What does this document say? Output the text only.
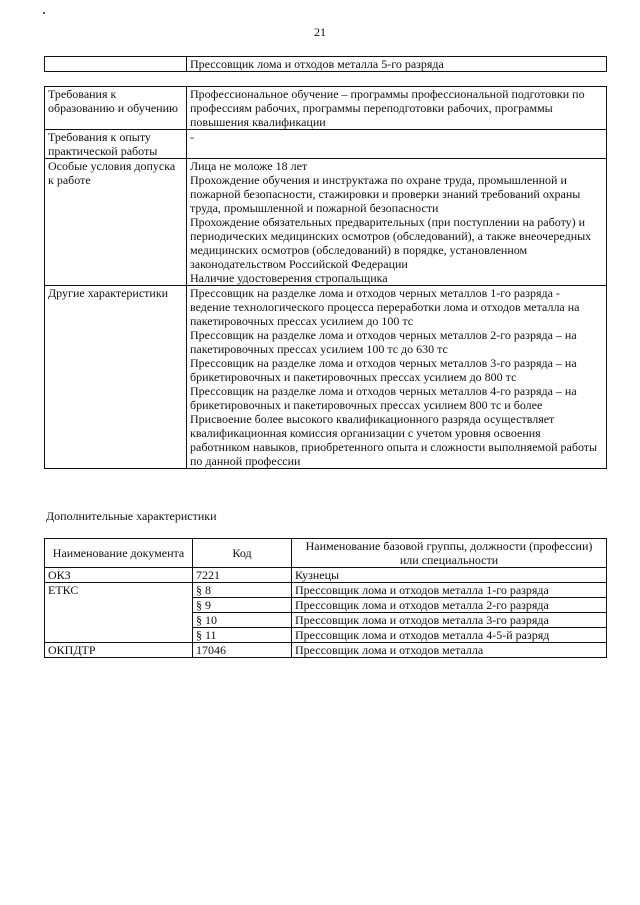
21
	Прессовщик лома и отходов металла 5-го разряда
Требования к образованию и обучению	Профессиональное обучение – программы профессиональной подготовки по профессиям рабочих, программы переподготовки рабочих, программы повышения квалификации

Требования к опыту практической работы	-

Особые условия допуска к работе	Лица не моложе 18 лет

Прохождение обучения и инструктажа по охране труда, промышленной и пожарной безопасности, стажировки и проверки знаний требований охраны труда, промышленной и пожарной безопасности

Прохождение обязательных предварительных (при поступлении на работу) и периодических медицинских осмотров (обследований), а также внеочередных медицинских осмотров (обследований) в порядке, установленном законодательством Российской Федерации

Наличие удостоверения стропальщика

Другие характеристики	Прессовщик на разделке лома и отходов черных металлов 1-го разряда - ведение технологического процесса переработки лома и отходов металла на пакетировочных прессах усилием до 100 тс

Прессовщик на разделке лома и отходов черных металлов 2-го разряда – на пакетировочных прессах усилием 100 тс до 630 тс

Прессовщик на разделке лома и отходов черных металлов 3-го разряда – на брикетировочных и пакетировочных прессах усилием до 800 тс

Прессовщик на разделке лома и отходов черных металлов 4-го разряда – на брикетировочных и пакетировочных прессах усилием 800 тс и более

Присвоение более высокого квалификационного разряда осуществляет квалификационная комиссия организации с учетом уровня освоения работником навыков, приобретенного опыта и сложности выполняемой работы по данной профессии

Дополнительные характеристики
Наименование документа	Код	Наименование базовой группы, должности (профессии) или специальности
ОКЗ	7221	Кузнецы
ЕТКС	§ 8	Прессовщик лома и отходов металла 1-го разряда
	§ 9	Прессовщик лома и отходов металла 2-го разряда
	§ 10	Прессовщик лома и отходов металла 3-го разряда
	§ 11	Прессовщик лома и отходов металла 4-5-й разряд
ОКПДТР	17046	Прессовщик лома и отходов металла
